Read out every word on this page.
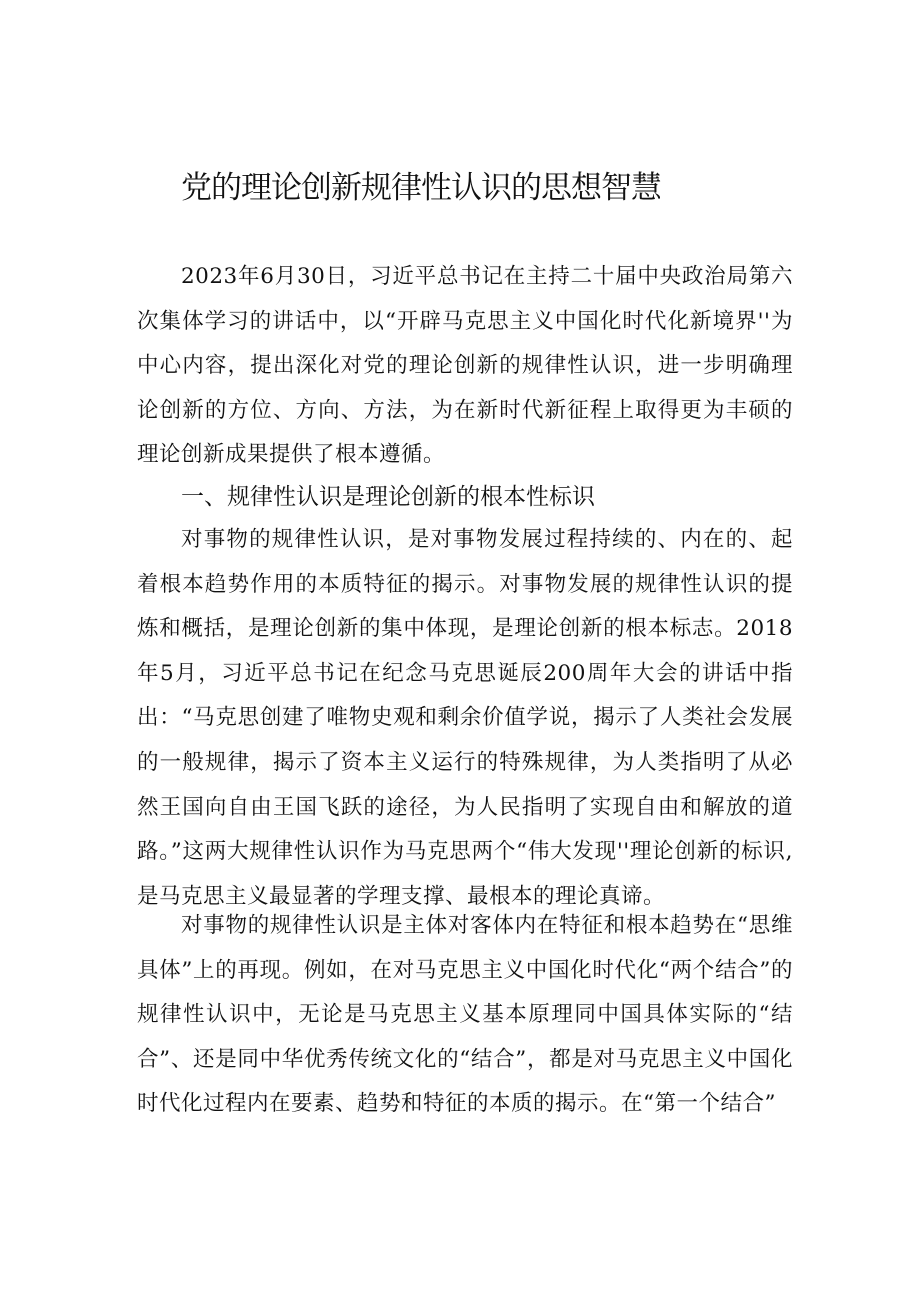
党的理论创新规律性认识的思想智慧

2023年6月30日，习近平总书记在主持二十届中央政治局第六次集体学习的讲话中，以“开辟马克思主义中国化时代化新境界''为中心内容，提出深化对党的理论创新的规律性认识，进一步明确理论创新的方位、方向、方法，为在新时代新征程上取得更为丰硕的理论创新成果提供了根本遵循。

一、规律性认识是理论创新的根本性标识

对事物的规律性认识，是对事物发展过程持续的、内在的、起着根本趋势作用的本质特征的揭示。对事物发展的规律性认识的提炼和概括，是理论创新的集中体现，是理论创新的根本标志。2018年5月，习近平总书记在纪念马克思诞辰200周年大会的讲话中指出：“马克思创建了唯物史观和剩余价值学说，揭示了人类社会发展的一般规律，揭示了资本主义运行的特殊规律，为人类指明了从必然王国向自由王国飞跃的途径，为人民指明了实现自由和解放的道路。”这两大规律性认识作为马克思两个“伟大发现''理论创新的标识,是马克思主义最显著的学理支撑、最根本的理论真谛。

对事物的规律性认识是主体对客体内在特征和根本趋势在“思维具体”上的再现。例如，在对马克思主义中国化时代化“两个结合”的规律性认识中，无论是马克思主义基本原理同中国具体实际的“结合”、还是同中华优秀传统文化的“结合”，都是对马克思主义中国化时代化过程内在要素、趋势和特征的本质的揭示。在“第一个结合”
